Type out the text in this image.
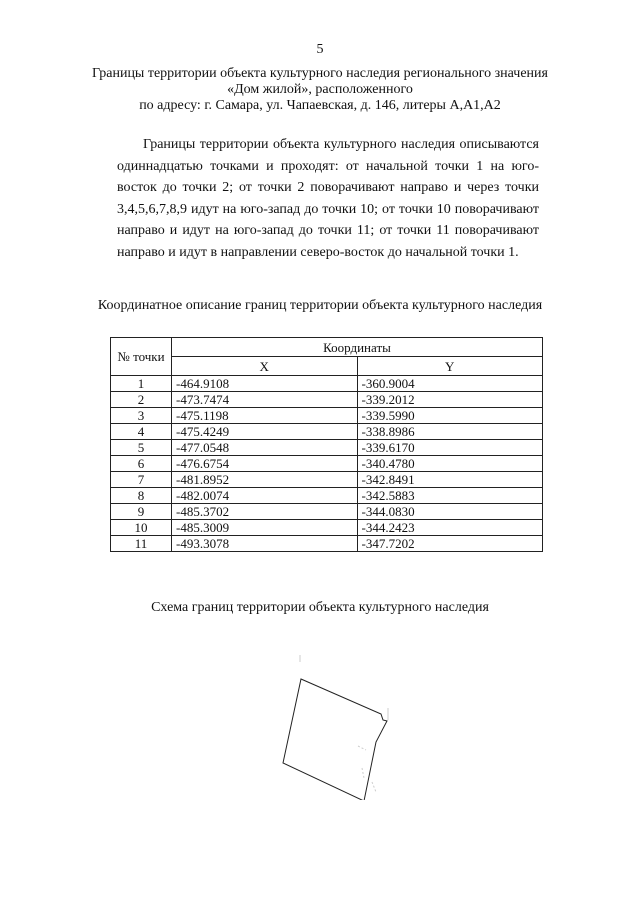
5
Границы территории объекта культурного наследия регионального значения
«Дом жилой», расположенного
по адресу: г. Самара, ул. Чапаевская, д. 146, литеры А,А1,А2
Границы территории объекта культурного наследия описываются одиннадцатью точками и проходят: от начальной точки 1 на юго-восток до точки 2; от точки 2 поворачивают направо и через точки 3,4,5,6,7,8,9 идут на юго-запад до точки 10; от точки 10 поворачивают направо и идут на юго-запад до точки 11; от точки 11 поворачивают направо и идут в направлении северо-восток до начальной точки 1.
Координатное описание границ территории объекта культурного наследия
№ точки	Координаты	
	X	Y
1	-464.9108	-360.9004
2	-473.7474	-339.2012
3	-475.1198	-339.5990
4	-475.4249	-338.8986
5	-477.0548	-339.6170
6	-476.6754	-340.4780
7	-481.8952	-342.8491
8	-482.0074	-342.5883
9	-485.3702	-344.0830
10	-485.3009	-344.2423
11	-493.3078	-347.7202
Схема границ территории объекта культурного наследия
